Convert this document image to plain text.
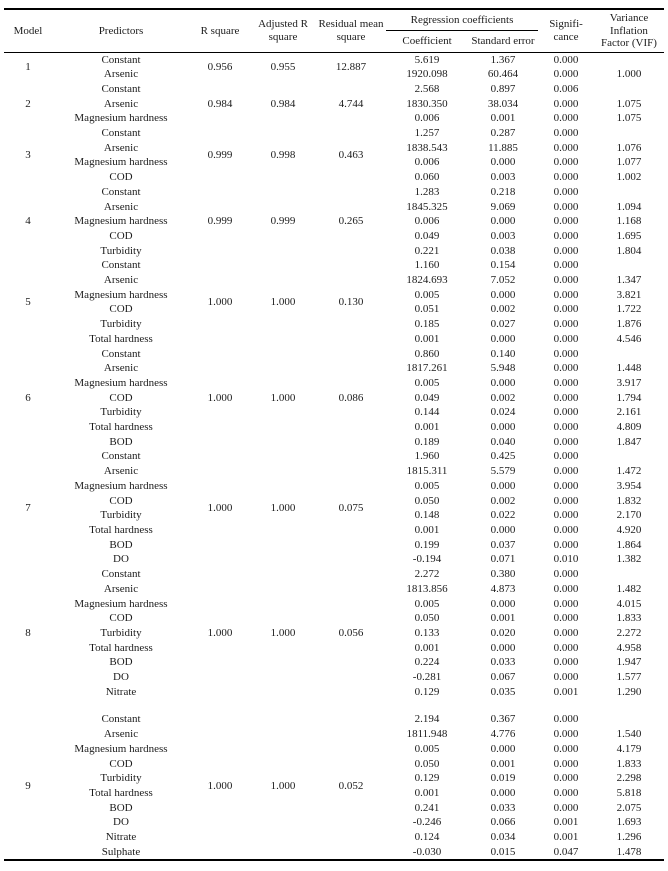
Model	Predictors	R square	Adjusted R square	Residual mean square	Regression coefficients		Signifi-cance	Variance Inflation Factor (VIF)
					Coefficient	Standard error		
1	Constant	0.956	0.955	12.887	5.619	1.367	0.000	
	Arsenic				1920.098	60.464	0.000	1.000
2	Constant	0.984	0.984	4.744	2.568	0.897	0.006	
	Arsenic				1830.350	38.034	0.000	1.075
	Magnesium hardness				0.006	0.001	0.000	1.075
3	Constant	0.999	0.998	0.463	1.257	0.287	0.000	
	Arsenic				1838.543	11.885	0.000	1.076
	Magnesium hardness				0.006	0.000	0.000	1.077
	COD				0.060	0.003	0.000	1.002
4	Constant	0.999	0.999	0.265	1.283	0.218	0.000	
	Arsenic				1845.325	9.069	0.000	1.094
	Magnesium hardness				0.006	0.000	0.000	1.168
	COD				0.049	0.003	0.000	1.695
	Turbidity				0.221	0.038	0.000	1.804
5	Constant	1.000	1.000	0.130	1.160	0.154	0.000	
	Arsenic				1824.693	7.052	0.000	1.347
	Magnesium hardness				0.005	0.000	0.000	3.821
	COD				0.051	0.002	0.000	1.722
	Turbidity				0.185	0.027	0.000	1.876
	Total hardness				0.001	0.000	0.000	4.546
6	Constant	1.000	1.000	0.086	0.860	0.140	0.000	
	Arsenic				1817.261	5.948	0.000	1.448
	Magnesium hardness				0.005	0.000	0.000	3.917
	COD				0.049	0.002	0.000	1.794
	Turbidity				0.144	0.024	0.000	2.161
	Total hardness				0.001	0.000	0.000	4.809
	BOD				0.189	0.040	0.000	1.847
7	Constant	1.000	1.000	0.075	1.960	0.425	0.000	
	Arsenic				1815.311	5.579	0.000	1.472
	Magnesium hardness				0.005	0.000	0.000	3.954
	COD				0.050	0.002	0.000	1.832
	Turbidity				0.148	0.022	0.000	2.170
	Total hardness				0.001	0.000	0.000	4.920
	BOD				0.199	0.037	0.000	1.864
	DO				-0.194	0.071	0.010	1.382
8	Constant	1.000	1.000	0.056	2.272	0.380	0.000	
	Arsenic				1813.856	4.873	0.000	1.482
	Magnesium hardness				0.005	0.000	0.000	4.015
	COD				0.050	0.001	0.000	1.833
	Turbidity				0.133	0.020	0.000	2.272
	Total hardness				0.001	0.000	0.000	4.958
	BOD				0.224	0.033	0.000	1.947
	DO				-0.281	0.067	0.000	1.577
	Nitrate				0.129	0.035	0.001	1.290

9	Constant	1.000	1.000	0.052	2.194	0.367	0.000	
	Arsenic				1811.948	4.776	0.000	1.540
	Magnesium hardness				0.005	0.000	0.000	4.179
	COD				0.050	0.001	0.000	1.833
	Turbidity				0.129	0.019	0.000	2.298
	Total hardness				0.001	0.000	0.000	5.818
	BOD				0.241	0.033	0.000	2.075
	DO				-0.246	0.066	0.001	1.693
	Nitrate				0.124	0.034	0.001	1.296
	Sulphate				-0.030	0.015	0.047	1.478
